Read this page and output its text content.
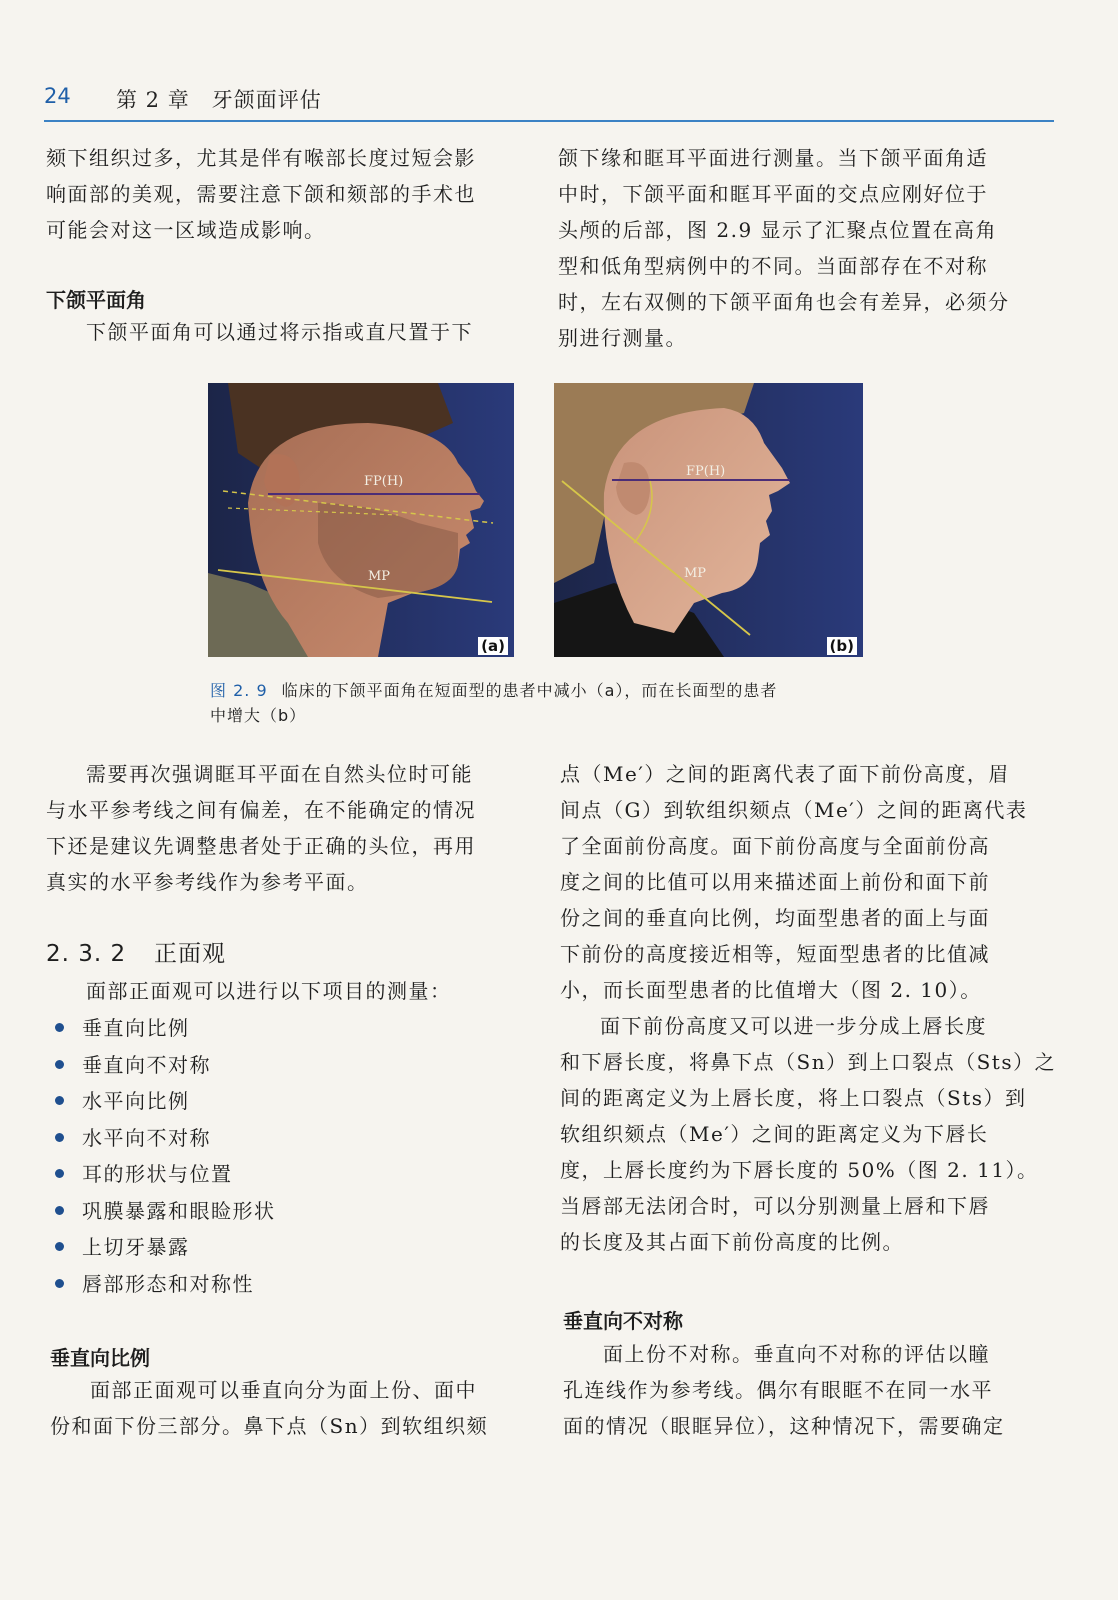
24 第 2 章　牙颌面评估

颏下组织过多，尤其是伴有喉部长度过短会影

响面部的美观，需要注意下颌和颏部的手术也

可能会对这一区域造成影响。

下颌平面角

下颌平面角可以通过将示指或直尺置于下

颌下缘和眶耳平面进行测量。当下颌平面角适

中时，下颌平面和眶耳平面的交点应刚好位于

头颅的后部，图 2.9 显示了汇聚点位置在高角

型和低角型病例中的不同。当面部存在不对称

时，左右双侧的下颌平面角也会有差异，必须分

别进行测量。

FP(H)
MP
(a)
FP(H)
MP
(b)
图 2. 9 临床的下颌平面角在短面型的患者中减小（a），而在长面型的患者
中增大（b）

需要再次强调眶耳平面在自然头位时可能

与水平参考线之间有偏差，在不能确定的情况

下还是建议先调整患者处于正确的头位，再用

真实的水平参考线作为参考平面。

2. 3. 2 正面观

面部正面观可以进行以下项目的测量：

垂直向比例
垂直向不对称
水平向比例
水平向不对称
耳的形状与位置
巩膜暴露和眼睑形状
上切牙暴露
唇部形态和对称性
垂直向比例

面部正面观可以垂直向分为面上份、面中

份和面下份三部分。鼻下点（Sn）到软组织颏

点（Me′）之间的距离代表了面下前份高度，眉

间点（G）到软组织颏点（Me′）之间的距离代表

了全面前份高度。面下前份高度与全面前份高

度之间的比值可以用来描述面上前份和面下前

份之间的垂直向比例，均面型患者的面上与面

下前份的高度接近相等，短面型患者的比值减

小，而长面型患者的比值增大（图 2. 10）。

面下前份高度又可以进一步分成上唇长度

和下唇长度，将鼻下点（Sn）到上口裂点（Sts）之

间的距离定义为上唇长度，将上口裂点（Sts）到

软组织颏点（Me′）之间的距离定义为下唇长

度，上唇长度约为下唇长度的 50%（图 2. 11）。

当唇部无法闭合时，可以分别测量上唇和下唇

的长度及其占面下前份高度的比例。

垂直向不对称

面上份不对称。垂直向不对称的评估以瞳

孔连线作为参考线。偶尔有眼眶不在同一水平

面的情况（眼眶异位），这种情况下，需要确定
